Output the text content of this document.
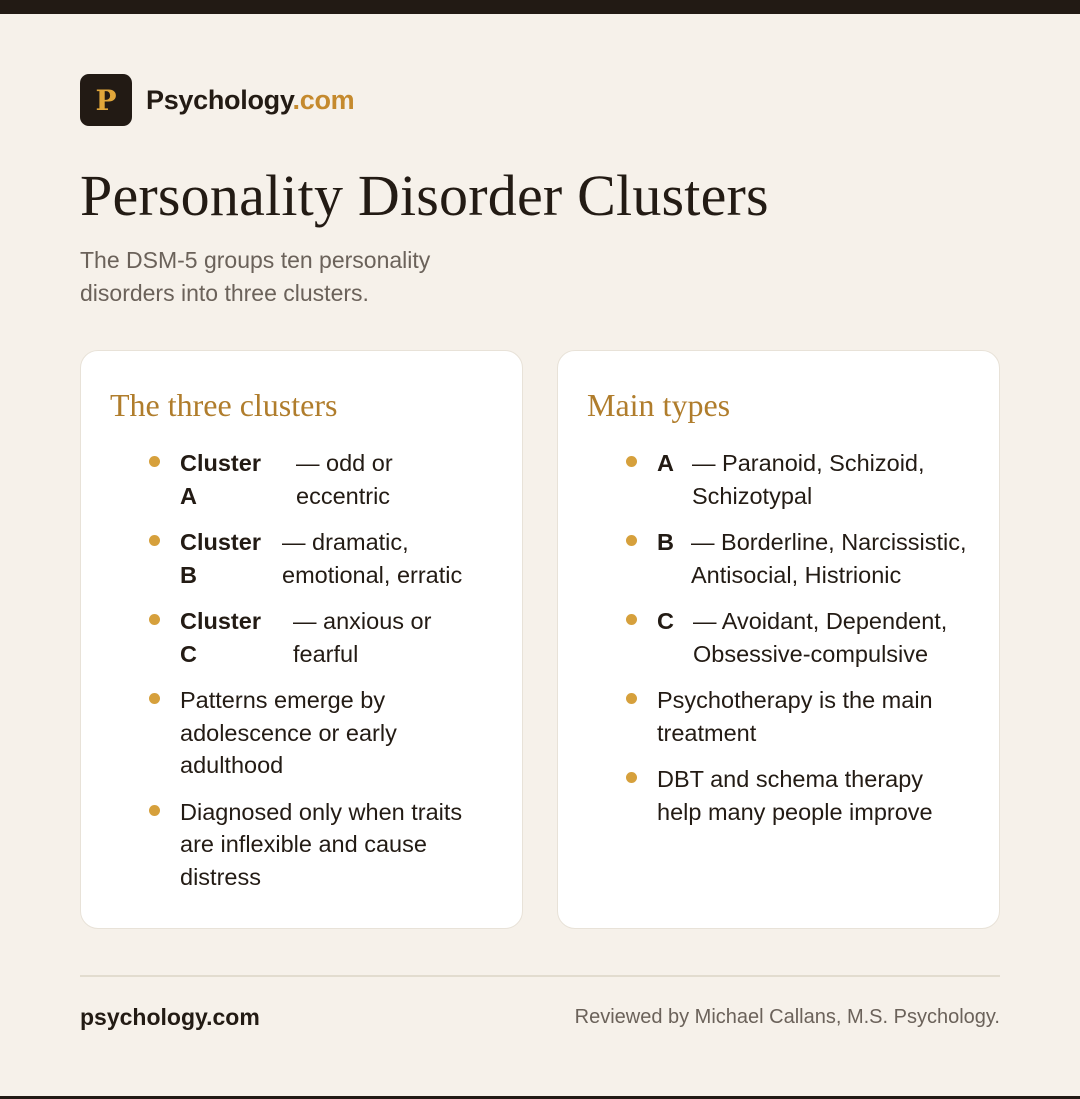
P	Psychology.com
Personality Disorder Clusters

The DSM-5 groups ten personality disorders into three clusters.

The three clusters
Cluster A
— odd or eccentric
Cluster B
— dramatic, emotional, erratic
Cluster C
— anxious or fearful
Patterns emerge by adolescence or early adulthood
Diagnosed only when traits are inflexible and cause distress
Main types
A — Paranoid, Schizoid, Schizotypal
B — Borderline, Narcissistic, Antisocial, Histrionic
C — Avoidant, Dependent, Obsessive-compulsive
Psychotherapy is the main treatment
DBT and schema therapy help many people improve
psychology.com	Reviewed by Michael Callans, M.S. Psychology.
